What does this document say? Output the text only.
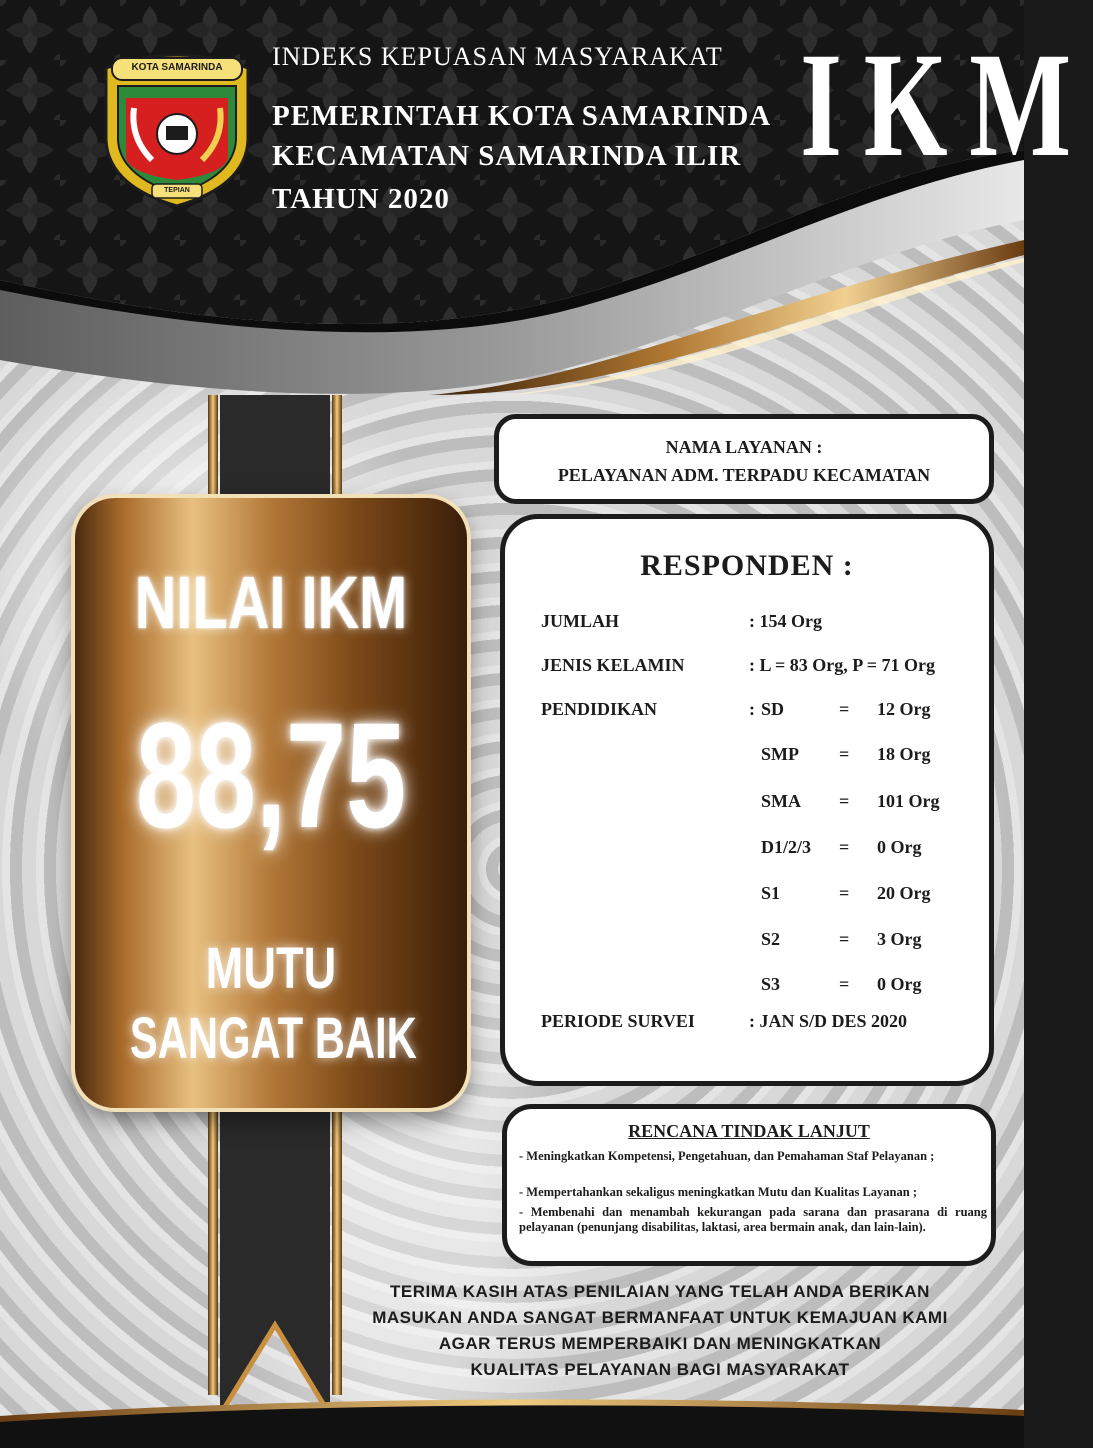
KOTA SAMARINDA
TEPIAN
INDEKS KEPUASAN MASYARAKAT
PEMERINTAH KOTA SAMARINDA
KECAMATAN SAMARINDA ILIR
TAHUN 2020
IKM
NILAI IKM
88,75
MUTU
SANGAT BAIK
NAMA LAYANAN :
PELAYANAN ADM. TERPADU KECAMATAN
RESPONDEN :
JUMLAH	: 154 Org
JENIS KELAMIN	: L = 83 Org, P = 71 Org
PENDIDIKAN	: SD	= 12 Org
SMP = 18 Org
SMA = 101 Org
D1/2/3 = 0 Org
S1	= 20 Org
S2	= 3 Org
S3	= 0 Org
PERIODE SURVEI	: JAN S/D DES 2020
RENCANA TINDAK LANJUT
- Meningkatkan Kompetensi, Pengetahuan, dan Pemahaman Staf Pelayanan ;
- Mempertahankan sekaligus meningkatkan Mutu dan Kualitas Layanan ;
- Membenahi dan menambah kekurangan pada sarana dan prasarana di ruang pelayanan (penunjang disabilitas, laktasi, area bermain anak, dan lain-lain).
TERIMA KASIH ATAS PENILAIAN YANG TELAH ANDA BERIKAN
MASUKAN ANDA SANGAT BERMANFAAT UNTUK KEMAJUAN KAMI
AGAR TERUS MEMPERBAIKI DAN MENINGKATKAN
KUALITAS PELAYANAN BAGI MASYARAKAT
